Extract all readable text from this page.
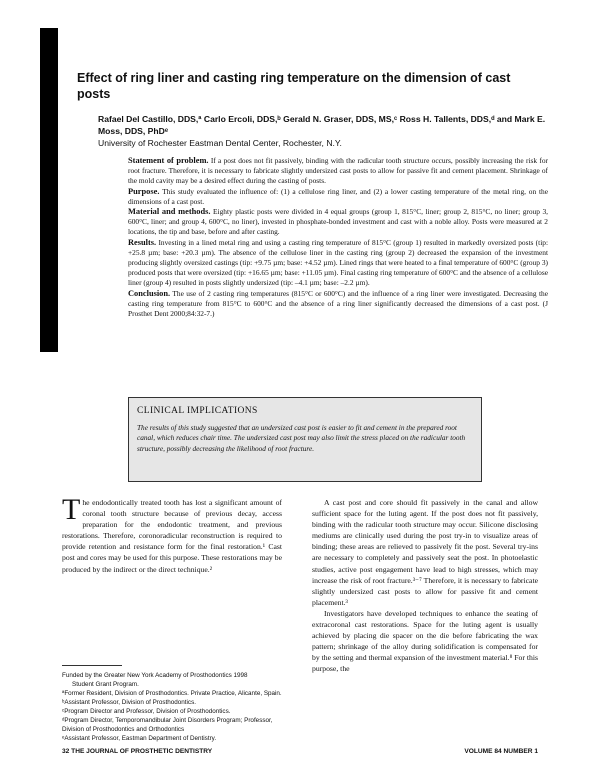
Effect of ring liner and casting ring temperature on the dimension of cast posts
Rafael Del Castillo, DDS,ª Carlo Ercoli, DDS,ᵇ Gerald N. Graser, DDS, MS,ᶜ Ross H. Tallents, DDS,ᵈ and Mark E. Moss, DDS, PhDᵉ
University of Rochester Eastman Dental Center, Rochester, N.Y.

Statement of problem. If a post does not fit passively, binding with the radicular tooth structure occurs, possibly increasing the risk for root fracture. Therefore, it is necessary to fabricate slightly undersized cast posts to allow for passive fit and cement placement. Shrinkage of the mold cavity may be a desired effect during the casting of posts.

Purpose. This study evaluated the influence of: (1) a cellulose ring liner, and (2) a lower casting temperature of the metal ring, on the dimensions of a cast post.

Material and methods. Eighty plastic posts were divided in 4 equal groups (group 1, 815°C, liner; group 2, 815°C, no liner; group 3, 600°C, liner; and group 4, 600°C, no liner), invested in phosphate-bonded investment and cast with a noble alloy. Posts were measured at 2 locations, the tip and base, before and after casting.

Results. Investing in a lined metal ring and using a casting ring temperature of 815°C (group 1) resulted in markedly oversized posts (tip: +25.8 µm; base: +20.3 µm). The absence of the cellulose liner in the casting ring (group 2) decreased the expansion of the investment producing slightly oversized castings (tip: +9.75 µm; base: +4.52 µm). Lined rings that were heated to a final temperature of 600°C (group 3) produced posts that were oversized (tip: +16.65 µm; base: +11.05 µm). Final casting ring temperature of 600°C and the absence of a cellulose liner (group 4) resulted in posts slightly undersized (tip: –4.1 µm; base: –2.2 µm).

Conclusion. The use of 2 casting ring temperatures (815°C or 600°C) and the influence of a ring liner were investigated. Decreasing the casting ring temperature from 815°C to 600°C and the absence of a ring liner significantly decreased the dimensions of a cast post. (J Prosthet Dent 2000;84:32-7.)

CLINICAL IMPLICATIONS
The results of this study suggested that an undersized cast post is easier to fit and cement in the prepared root canal, which reduces chair time. The undersized cast post may also limit the stress placed on the radicular tooth structure, possibly decreasing the likelihood of root fracture.

The endodontically treated tooth has lost a significant amount of coronal tooth structure because of previous decay, access preparation for the endodontic treatment, and previous restorations. Therefore, coronoradicular reconstruction is required to provide retention and resistance form for the final restoration.¹ Cast post and cores may be used for this purpose. These restorations may be produced by the indirect or the direct technique.²

A cast post and core should fit passively in the canal and allow sufficient space for the luting agent. If the post does not fit passively, binding with the radicular tooth structure may occur. Silicone disclosing mediums are clinically used during the post try-in to visualize areas of binding; these areas are relieved to passively fit the post. Several try-ins are necessary to completely and passively seat the post. In photoelastic studies, active post engagement have lead to high stresses, which may increase the risk of root fracture.³⁻⁷ Therefore, it is necessary to fabricate slightly undersized cast posts to allow for passive fit and cement placement.³

Investigators have developed techniques to enhance the seating of extracoronal cast restorations. Space for the luting agent is usually achieved by placing die spacer on the die before fabricating the wax pattern; shrinkage of the alloy during solidification is compensated for by the setting and thermal expansion of the investment material.⁸ For this purpose, the

Funded by the Greater New York Academy of Prosthodontics 1998
Student Grant Program.
ªFormer Resident, Division of Prosthodontics. Private Practice, Alicante, Spain.
ᵇAssistant Professor, Division of Prosthodontics.
ᶜProgram Director and Professor, Division of Prosthodontics.
ᵈProgram Director, Temporomandibular Joint Disorders Program; Professor, Division of Prosthodontics and Orthodontics
ᵉAssistant Professor, Eastman Department of Dentistry.
32 THE JOURNAL OF PROSTHETIC DENTISTRY	VOLUME 84 NUMBER 1
